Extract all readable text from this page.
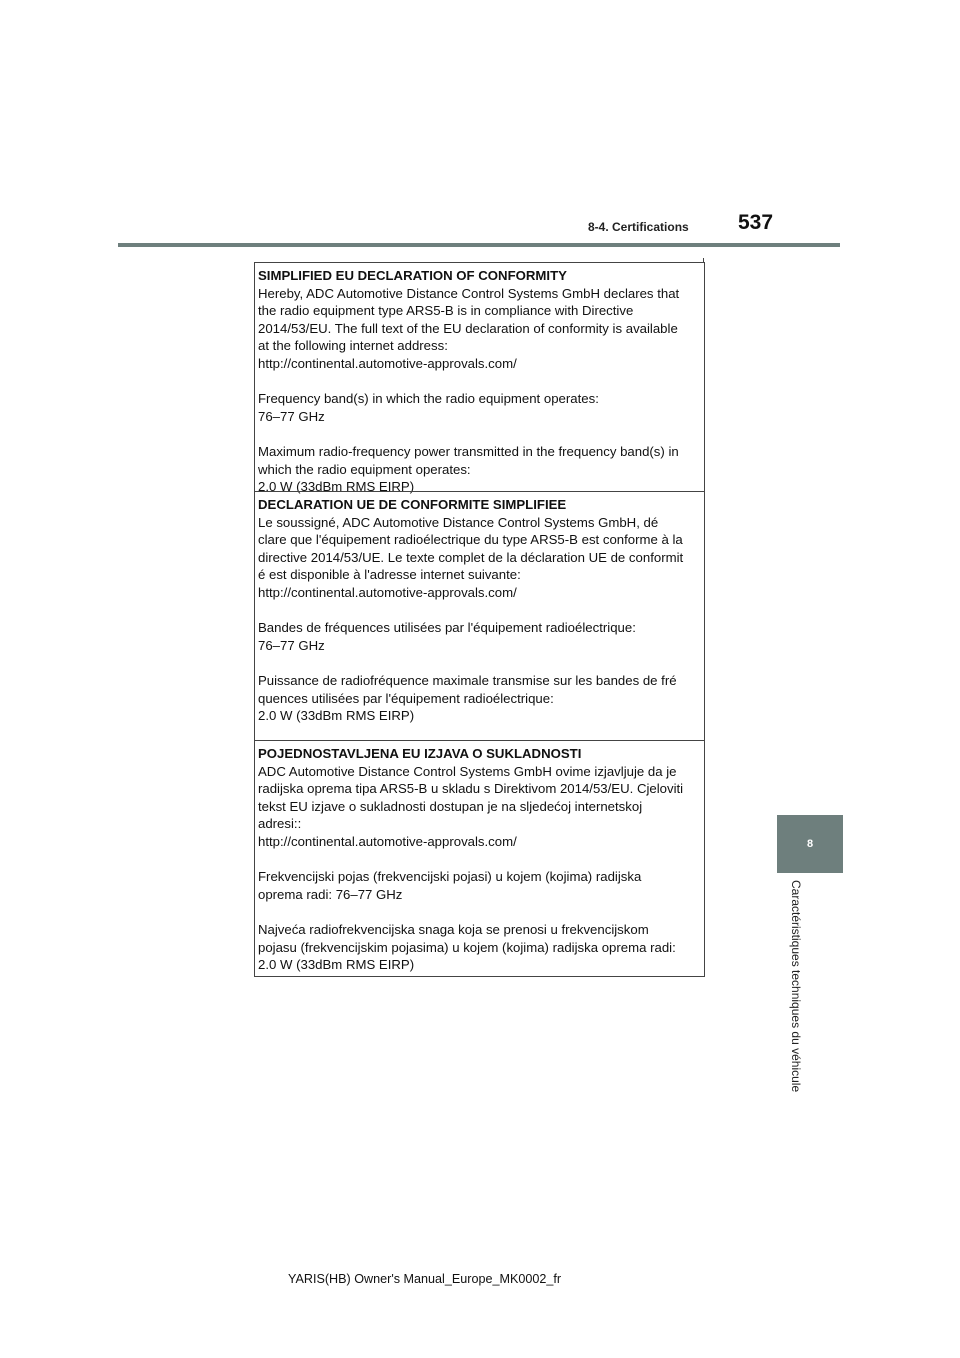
8-4. Certifications 537
SIMPLIFIED EU DECLARATION OF CONFORMITY

Hereby, ADC Automotive Distance Control Systems GmbH declares that

the radio equipment type ARS5-B is in compliance with Directive

2014/53/EU. The full text of the EU declaration of conformity is available

at the following internet address:

http://continental.automotive-approvals.com/

Frequency band(s) in which the radio equipment operates:

76–77 GHz

Maximum radio-frequency power transmitted in the frequency band(s) in

which the radio equipment operates:

2.0 W (33dBm RMS EIRP)

DECLARATION UE DE CONFORMITE SIMPLIFIEE

Le soussigné, ADC Automotive Distance Control Systems GmbH, dé

clare que l'équipement radioélectrique du type ARS5-B est conforme à la

directive 2014/53/UE. Le texte complet de la déclaration UE de conformit

é est disponible à l'adresse internet suivante:

http://continental.automotive-approvals.com/

Bandes de fréquences utilisées par l'équipement radioélectrique:

76–77 GHz

Puissance de radiofréquence maximale transmise sur les bandes de fré

quences utilisées par l'équipement radioélectrique:

2.0 W (33dBm RMS EIRP)

POJEDNOSTAVLJENA EU IZJAVA O SUKLADNOSTI

ADC Automotive Distance Control Systems GmbH ovime izjavljuje da je

radijska oprema tipa ARS5-B u skladu s Direktivom 2014/53/EU. Cjeloviti

tekst EU izjave o sukladnosti dostupan je na sljedećoj internetskoj

adresi::

http://continental.automotive-approvals.com/

Frekvencijski pojas (frekvencijski pojasi) u kojem (kojima) radijska

oprema radi: 76–77 GHz

Najveća radiofrekvencijska snaga koja se prenosi u frekvencijskom

pojasu (frekvencijskim pojasima) u kojem (kojima) radijska oprema radi:

2.0 W (33dBm RMS EIRP)

8
Caractéristiques techniques du véhicule
YARIS(HB) Owner's Manual_Europe_MK0002_fr
